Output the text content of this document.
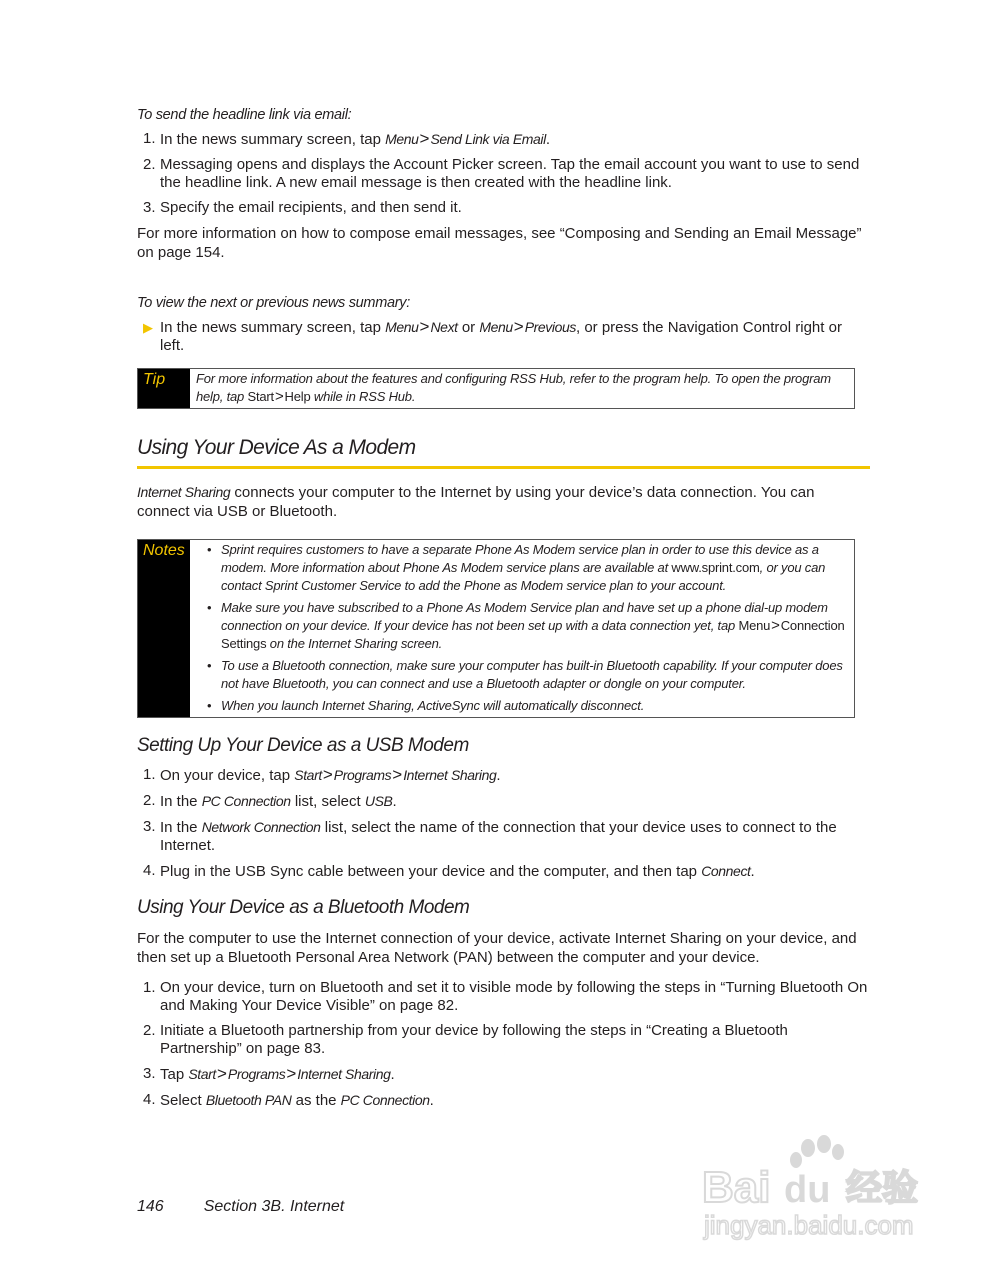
To send the headline link via email:
1. In the news summary screen, tap Menu>Send Link via Email.
2. Messaging opens and displays the Account Picker screen. Tap the email account you want to use to send the headline link. A new email message is then created with the headline link.
3. Specify the email recipients, and then send it.

For more information on how to compose email messages, see “Composing and Sending an Email Message” on page 154.

To view the next or previous news summary:
▶ In the news summary screen, tap Menu>Next or Menu>Previous, or press the Navigation Control right or left.
Tip	For more information about the features and configuring RSS Hub, refer to the program help. To open the program help, tap Start>Help while in RSS Hub.
Using Your Device As a Modem

Internet Sharing connects your computer to the Internet by using your device’s data connection. You can connect via USB or Bluetooth.

Notes	• Sprint requires customers to have a separate Phone As Modem service plan in order to use this device as a modem. More information about Phone As Modem service plans are available at www.sprint.com, or you can contact Sprint Customer Service to add the Phone as Modem service plan to your account.
• Make sure you have subscribed to a Phone As Modem Service plan and have set up a phone dial-up modem connection on your device. If your device has not been set up with a data connection yet, tap Menu>Connection Settings on the Internet Sharing screen.
• To use a Bluetooth connection, make sure your computer has built-in Bluetooth capability. If your computer does not have Bluetooth, you can connect and use a Bluetooth adapter or dongle on your computer.
• When you launch Internet Sharing, ActiveSync will automatically disconnect.
Setting Up Your Device as a USB Modem
1. On your device, tap Start>Programs>Internet Sharing.
2. In the PC Connection list, select USB.
3. In the Network Connection list, select the name of the connection that your device uses to connect to the Internet.
4. Plug in the USB Sync cable between your device and the computer, and then tap Connect.
Using Your Device as a Bluetooth Modem

For the computer to use the Internet connection of your device, activate Internet Sharing on your device, and then set up a Bluetooth Personal Area Network (PAN) between the computer and your device.

1. On your device, turn on Bluetooth and set it to visible mode by following the steps in “Turning Bluetooth On and Making Your Device Visible” on page 82.
2. Initiate a Bluetooth partnership from your device by following the steps in “Creating a Bluetooth Partnership” on page 83.
3. Tap Start>Programs>Internet Sharing.
4. Select Bluetooth PAN as the PC Connection.
146	Section 3B. Internet	Bai du 经验
jingyan.baidu.com
